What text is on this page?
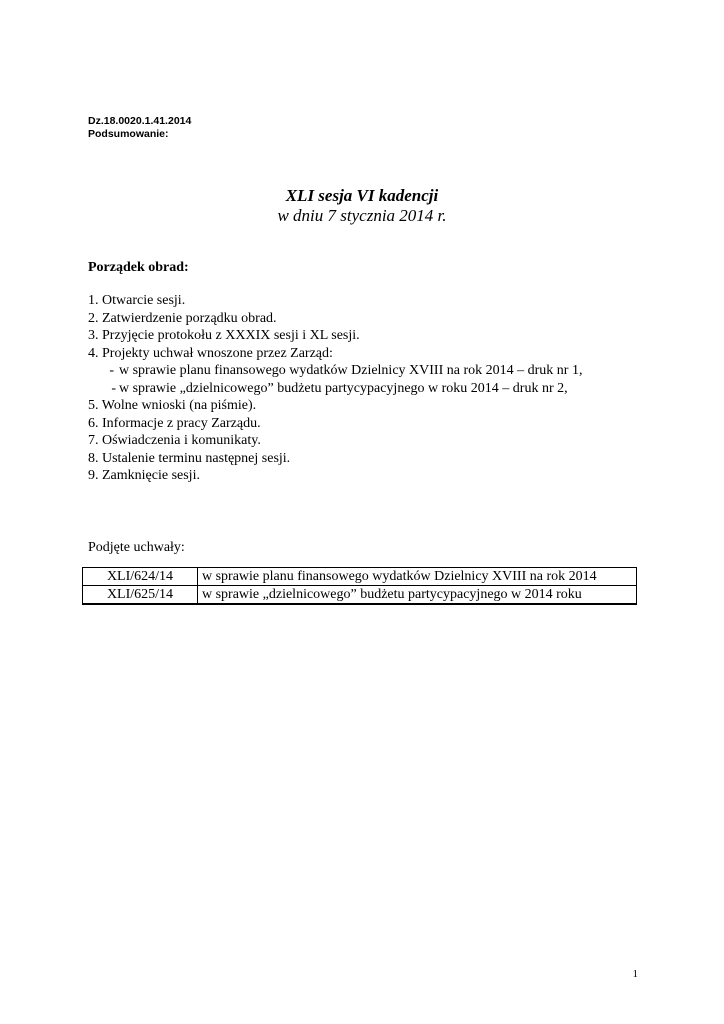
Dz.18.0020.1.41.2014
Podsumowanie:
XLI sesja VI kadencji
w dniu 7 stycznia 2014 r.
Porządek obrad:
1. Otwarcie sesji.
2. Zatwierdzenie porządku obrad.
3. Przyjęcie protokołu z XXXIX sesji i XL sesji.
4. Projekty uchwał wnoszone przez Zarząd:
- w sprawie planu finansowego wydatków Dzielnicy XVIII na rok 2014 – druk nr 1,
- w sprawie „dzielnicowego” budżetu partycypacyjnego w roku 2014 – druk nr 2,
5. Wolne wnioski (na piśmie).
6. Informacje z pracy Zarządu.
7. Oświadczenia i komunikaty.
8. Ustalenie terminu następnej sesji.
9. Zamknięcie sesji.
Podjęte uchwały:
XLI/624/14	w sprawie planu finansowego wydatków Dzielnicy XVIII na rok 2014
XLI/625/14	w sprawie „dzielnicowego” budżetu partycypacyjnego w 2014 roku
1
